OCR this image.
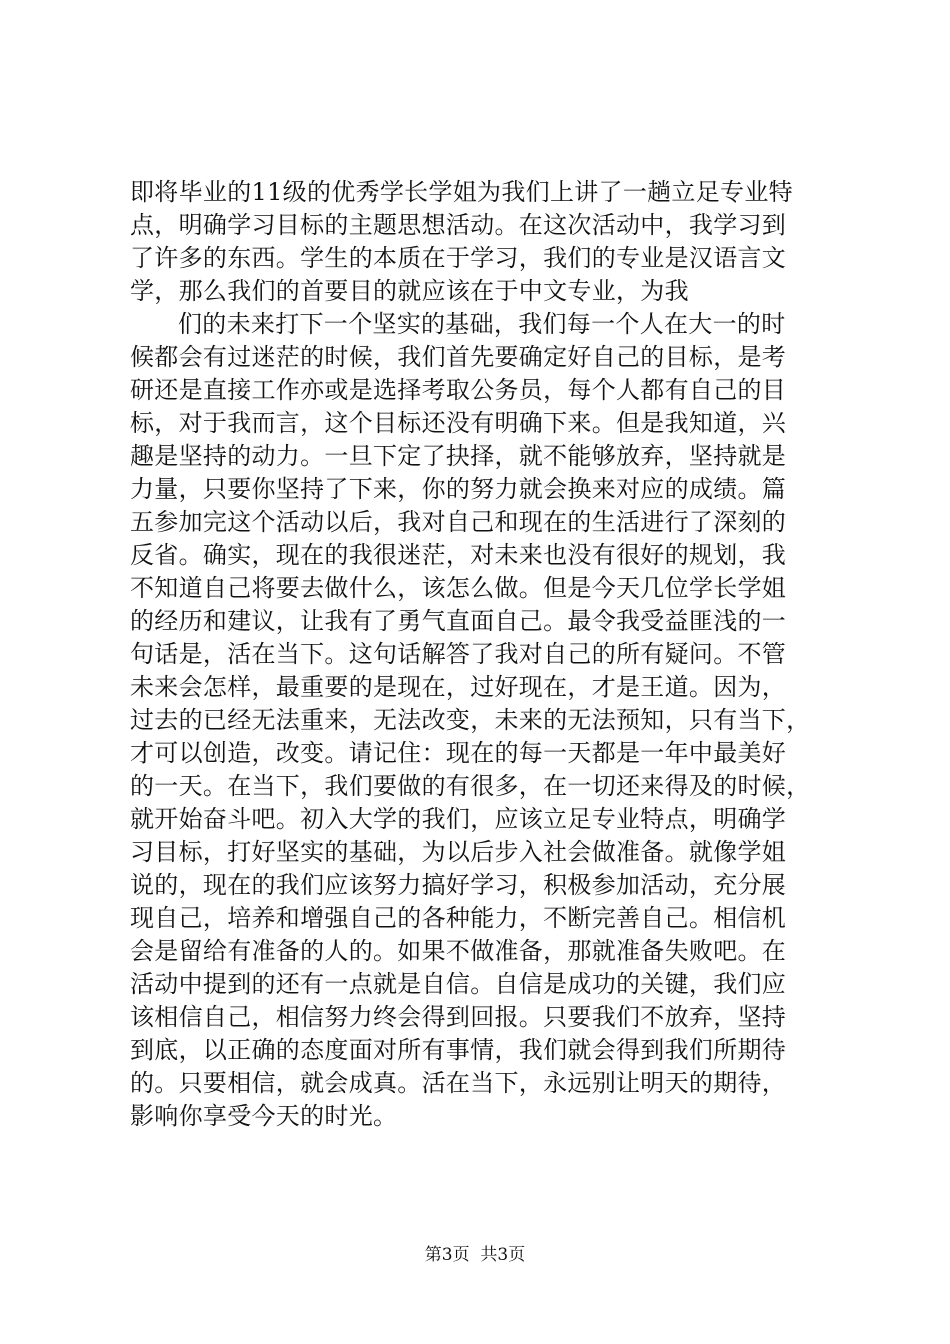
即将毕业的11级的优秀学长学姐为我们上讲了一趟立足专业特
点，明确学习目标的主题思想活动。在这次活动中，我学习到
了许多的东西。学生的本质在于学习，我们的专业是汉语言文
学，那么我们的首要目的就应该在于中文专业，为我
们的未来打下一个坚实的基础，我们每一个人在大一的时
候都会有过迷茫的时候，我们首先要确定好自己的目标，是考
研还是直接工作亦或是选择考取公务员，每个人都有自己的目
标，对于我而言，这个目标还没有明确下来。但是我知道，兴
趣是坚持的动力。一旦下定了抉择，就不能够放弃，坚持就是
力量，只要你坚持了下来，你的努力就会换来对应的成绩。篇
五参加完这个活动以后，我对自己和现在的生活进行了深刻的
反省。确实，现在的我很迷茫，对未来也没有很好的规划，我
不知道自己将要去做什么，该怎么做。但是今天几位学长学姐
的经历和建议，让我有了勇气直面自己。最令我受益匪浅的一
句话是，活在当下。这句话解答了我对自己的所有疑问。不管
未来会怎样，最重要的是现在，过好现在，才是王道。因为，
过去的已经无法重来，无法改变，未来的无法预知，只有当下，
才可以创造，改变。请记住：现在的每一天都是一年中最美好
的一天。在当下，我们要做的有很多，在一切还来得及的时候，
就开始奋斗吧。初入大学的我们，应该立足专业特点，明确学
习目标，打好坚实的基础，为以后步入社会做准备。就像学姐
说的，现在的我们应该努力搞好学习，积极参加活动，充分展
现自己，培养和增强自己的各种能力，不断完善自己。相信机
会是留给有准备的人的。如果不做准备，那就准备失败吧。在
活动中提到的还有一点就是自信。自信是成功的关键，我们应
该相信自己，相信努力终会得到回报。只要我们不放弃，坚持
到底，以正确的态度面对所有事情，我们就会得到我们所期待
的。只要相信，就会成真。活在当下，永远别让明天的期待，
影响你享受今天的时光。
第3页  共3页
